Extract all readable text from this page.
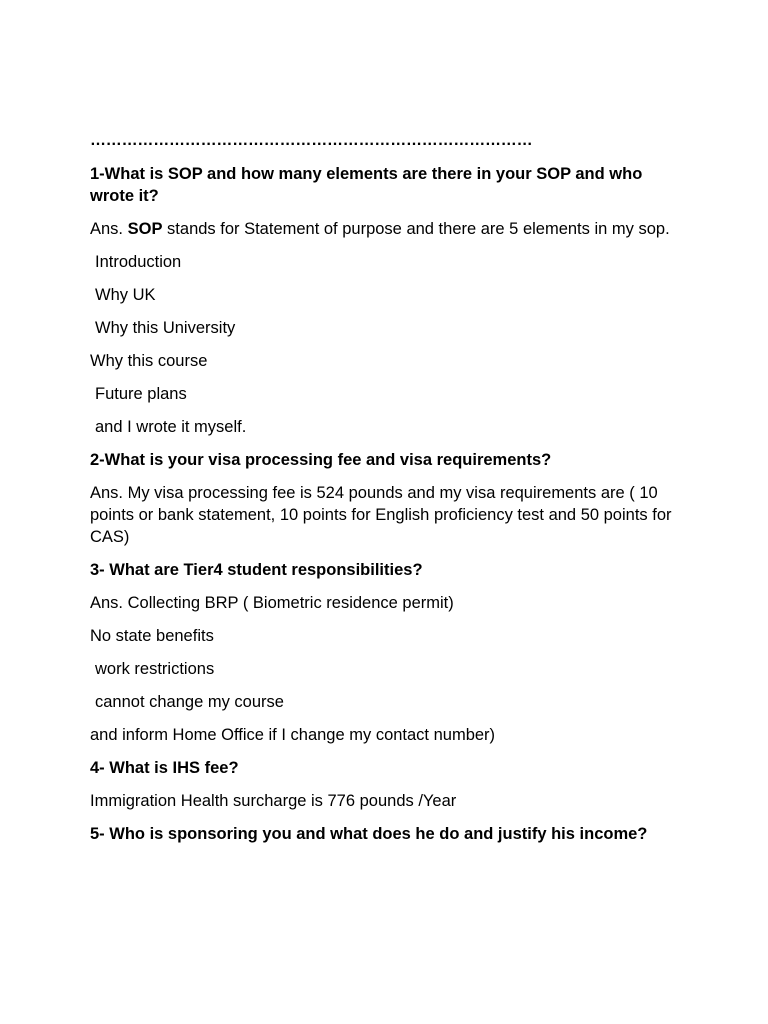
…………………………………………………………………………
1-What is SOP and how many elements are there in your SOP and who wrote it?
Ans. SOP stands for Statement of purpose and there are 5 elements in my sop.
Introduction
Why UK
Why this University
Why this course
Future plans
and I wrote it myself.
2-What is your visa processing fee and visa requirements?
Ans. My visa processing fee is 524 pounds and my visa requirements are ( 10 points or bank statement, 10 points for English proficiency test and 50 points for CAS)
3- What are Tier4 student responsibilities?
Ans. Collecting BRP ( Biometric residence permit)
No state benefits
work restrictions
cannot change my course
and inform Home Office if I change my contact number)
4- What is IHS fee?
Immigration Health surcharge is 776 pounds /Year
5- Who is sponsoring you and what does he do and justify his income?
